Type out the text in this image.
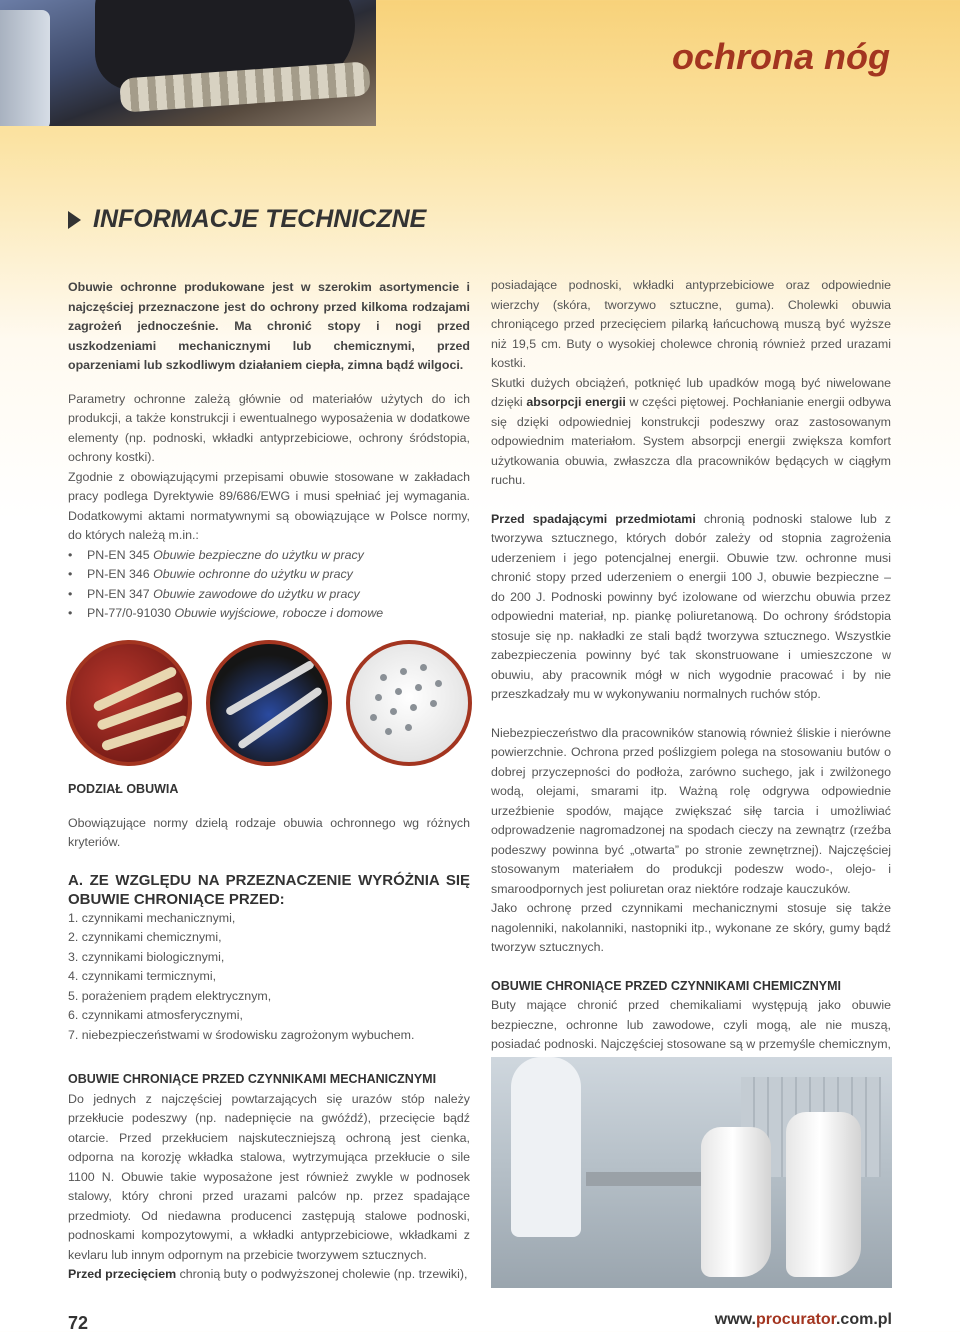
ochrona nóg
INFORMACJE TECHNICZNE

Obuwie ochronne produkowane jest w szerokim asortymencie i najczęściej przeznaczone jest do ochrony przed kilkoma rodzajami zagrożeń jednocześnie. Ma chronić stopy i nogi przed uszkodzeniami mechanicznymi lub chemicznymi, przed oparzeniami lub szkodliwym działaniem ciepła, zimna bądź wilgoci.

Parametry ochronne zależą głównie od materiałów użytych do ich produkcji, a także konstrukcji i ewentualnego wyposażenia w dodatkowe elementy (np. podnoski, wkładki antyprzebiciowe, ochrony śródstopia, ochrony kostki).

Zgodnie z obowiązującymi przepisami obuwie stosowane w zakładach pracy podlega Dyrektywie 89/686/EWG i musi spełniać jej wymagania. Dodatkowymi aktami normatywnymi są obowiązujące w Polsce normy, do których należą m.in.:

• PN-EN 345 Obuwie bezpieczne do użytku w pracy
• PN-EN 346 Obuwie ochronne do użytku w pracy
• PN-EN 347 Obuwie zawodowe do użytku w pracy
• PN-77/0-91030 Obuwie wyjściowe, robocze i domowe

PODZIAŁ OBUWIA

Obowiązujące normy dzielą rodzaje obuwia ochronnego wg różnych kryteriów.

A. ZE WZGLĘDU NA PRZEZNACZENIE WYRÓŻNIA SIĘ OBUWIE CHRONIĄCE PRZED:

1. czynnikami mechanicznymi,
2. czynnikami chemicznymi,
3. czynnikami biologicznymi,
4. czynnikami termicznymi,
5. porażeniem prądem elektrycznym,
6. czynnikami atmosferycznymi,
7. niebezpieczeństwami w środowisku zagrożonym wybuchem.

OBUWIE CHRONIĄCE PRZED CZYNNIKAMI MECHANICZNYMI

Do jednych z najczęściej powtarzających się urazów stóp należy przekłucie podeszwy (np. nadepnięcie na gwóźdź), przecięcie bądź otarcie. Przed przekłuciem najskuteczniejszą ochroną jest cienka, odporna na korozję wkładka stalowa, wytrzymująca przekłucie o sile 1100 N. Obuwie takie wyposażone jest również zwykle w podnosek stalowy, który chroni przed urazami palców np. przez spadające przedmioty. Od niedawna producenci zastępują stalowe podnoski, podnoskami kompozytowymi, a wkładki antyprzebiciowe, wkładkami z kevlaru lub innym odpornym na przebicie tworzywem sztucznych.

Przed przecięciem chronią buty o podwyższonej cholewie (np. trzewiki),

posiadające podnoski, wkładki antyprzebiciowe oraz odpowiednie wierzchy (skóra, tworzywo sztuczne, guma). Cholewki obuwia chroniącego przed przecięciem pilarką łańcuchową muszą być wyższe niż 19,5 cm. Buty o wysokiej cholewce chronią również przed urazami kostki.

Skutki dużych obciążeń, potknięć lub upadków mogą być niwelowane dzięki absorpcji energii w części piętowej. Pochłanianie energii odbywa się dzięki odpowiedniej konstrukcji podeszwy oraz zastosowanym odpowiednim materiałom. System absorpcji energii zwiększa komfort użytkowania obuwia, zwłaszcza dla pracowników będących w ciągłym ruchu.

Przed spadającymi przedmiotami chronią podnoski stalowe lub z tworzywa sztucznego, których dobór zależy od stopnia zagrożenia uderzeniem i jego potencjalnej energii. Obuwie tzw. ochronne musi chronić stopy przed uderzeniem o energii 100 J, obuwie bezpieczne – do 200 J. Podnoski powinny być izolowane od wierzchu obuwia przez odpowiedni materiał, np. piankę poliuretanową. Do ochrony śródstopia stosuje się np. nakładki ze stali bądź tworzywa sztucznego. Wszystkie zabezpieczenia powinny być tak skonstruowane i umieszczone w obuwiu, aby pracownik mógł w nich wygodnie pracować i by nie przeszkadzały mu w wykonywaniu normalnych ruchów stóp.

Niebezpieczeństwo dla pracowników stanowią również śliskie i nierówne powierzchnie. Ochrona przed poślizgiem polega na stosowaniu butów o dobrej przyczepności do podłoża, zarówno suchego, jak i zwilżonego wodą, olejami, smarami itp. Ważną rolę odgrywa odpowiednie urzeźbienie spodów, mające zwiększać siłę tarcia i umożliwiać odprowadzenie nagromadzonej na spodach cieczy na zewnątrz (rzeźba podeszwy powinna być „otwarta” po stronie zewnętrznej). Najczęściej stosowanym materiałem do produkcji podeszw wodo-, olejo- i smaroodpornych jest poliuretan oraz niektóre rodzaje kauczuków.

Jako ochronę przed czynnikami mechanicznymi stosuje się także nagolenniki, nakolanniki, nastopniki itp., wykonane ze skóry, gumy bądź tworzyw sztucznych.

OBUWIE CHRONIĄCE PRZED CZYNNIKAMI CHEMICZNYMI

Buty mające chronić przed chemikaliami występują jako obuwie bezpieczne, ochronne lub zawodowe, czyli mogą, ale nie muszą, posiadać podnoski. Najczęściej stosowane są w przemyśle chemicznym,

72	www.procurator.com.pl
